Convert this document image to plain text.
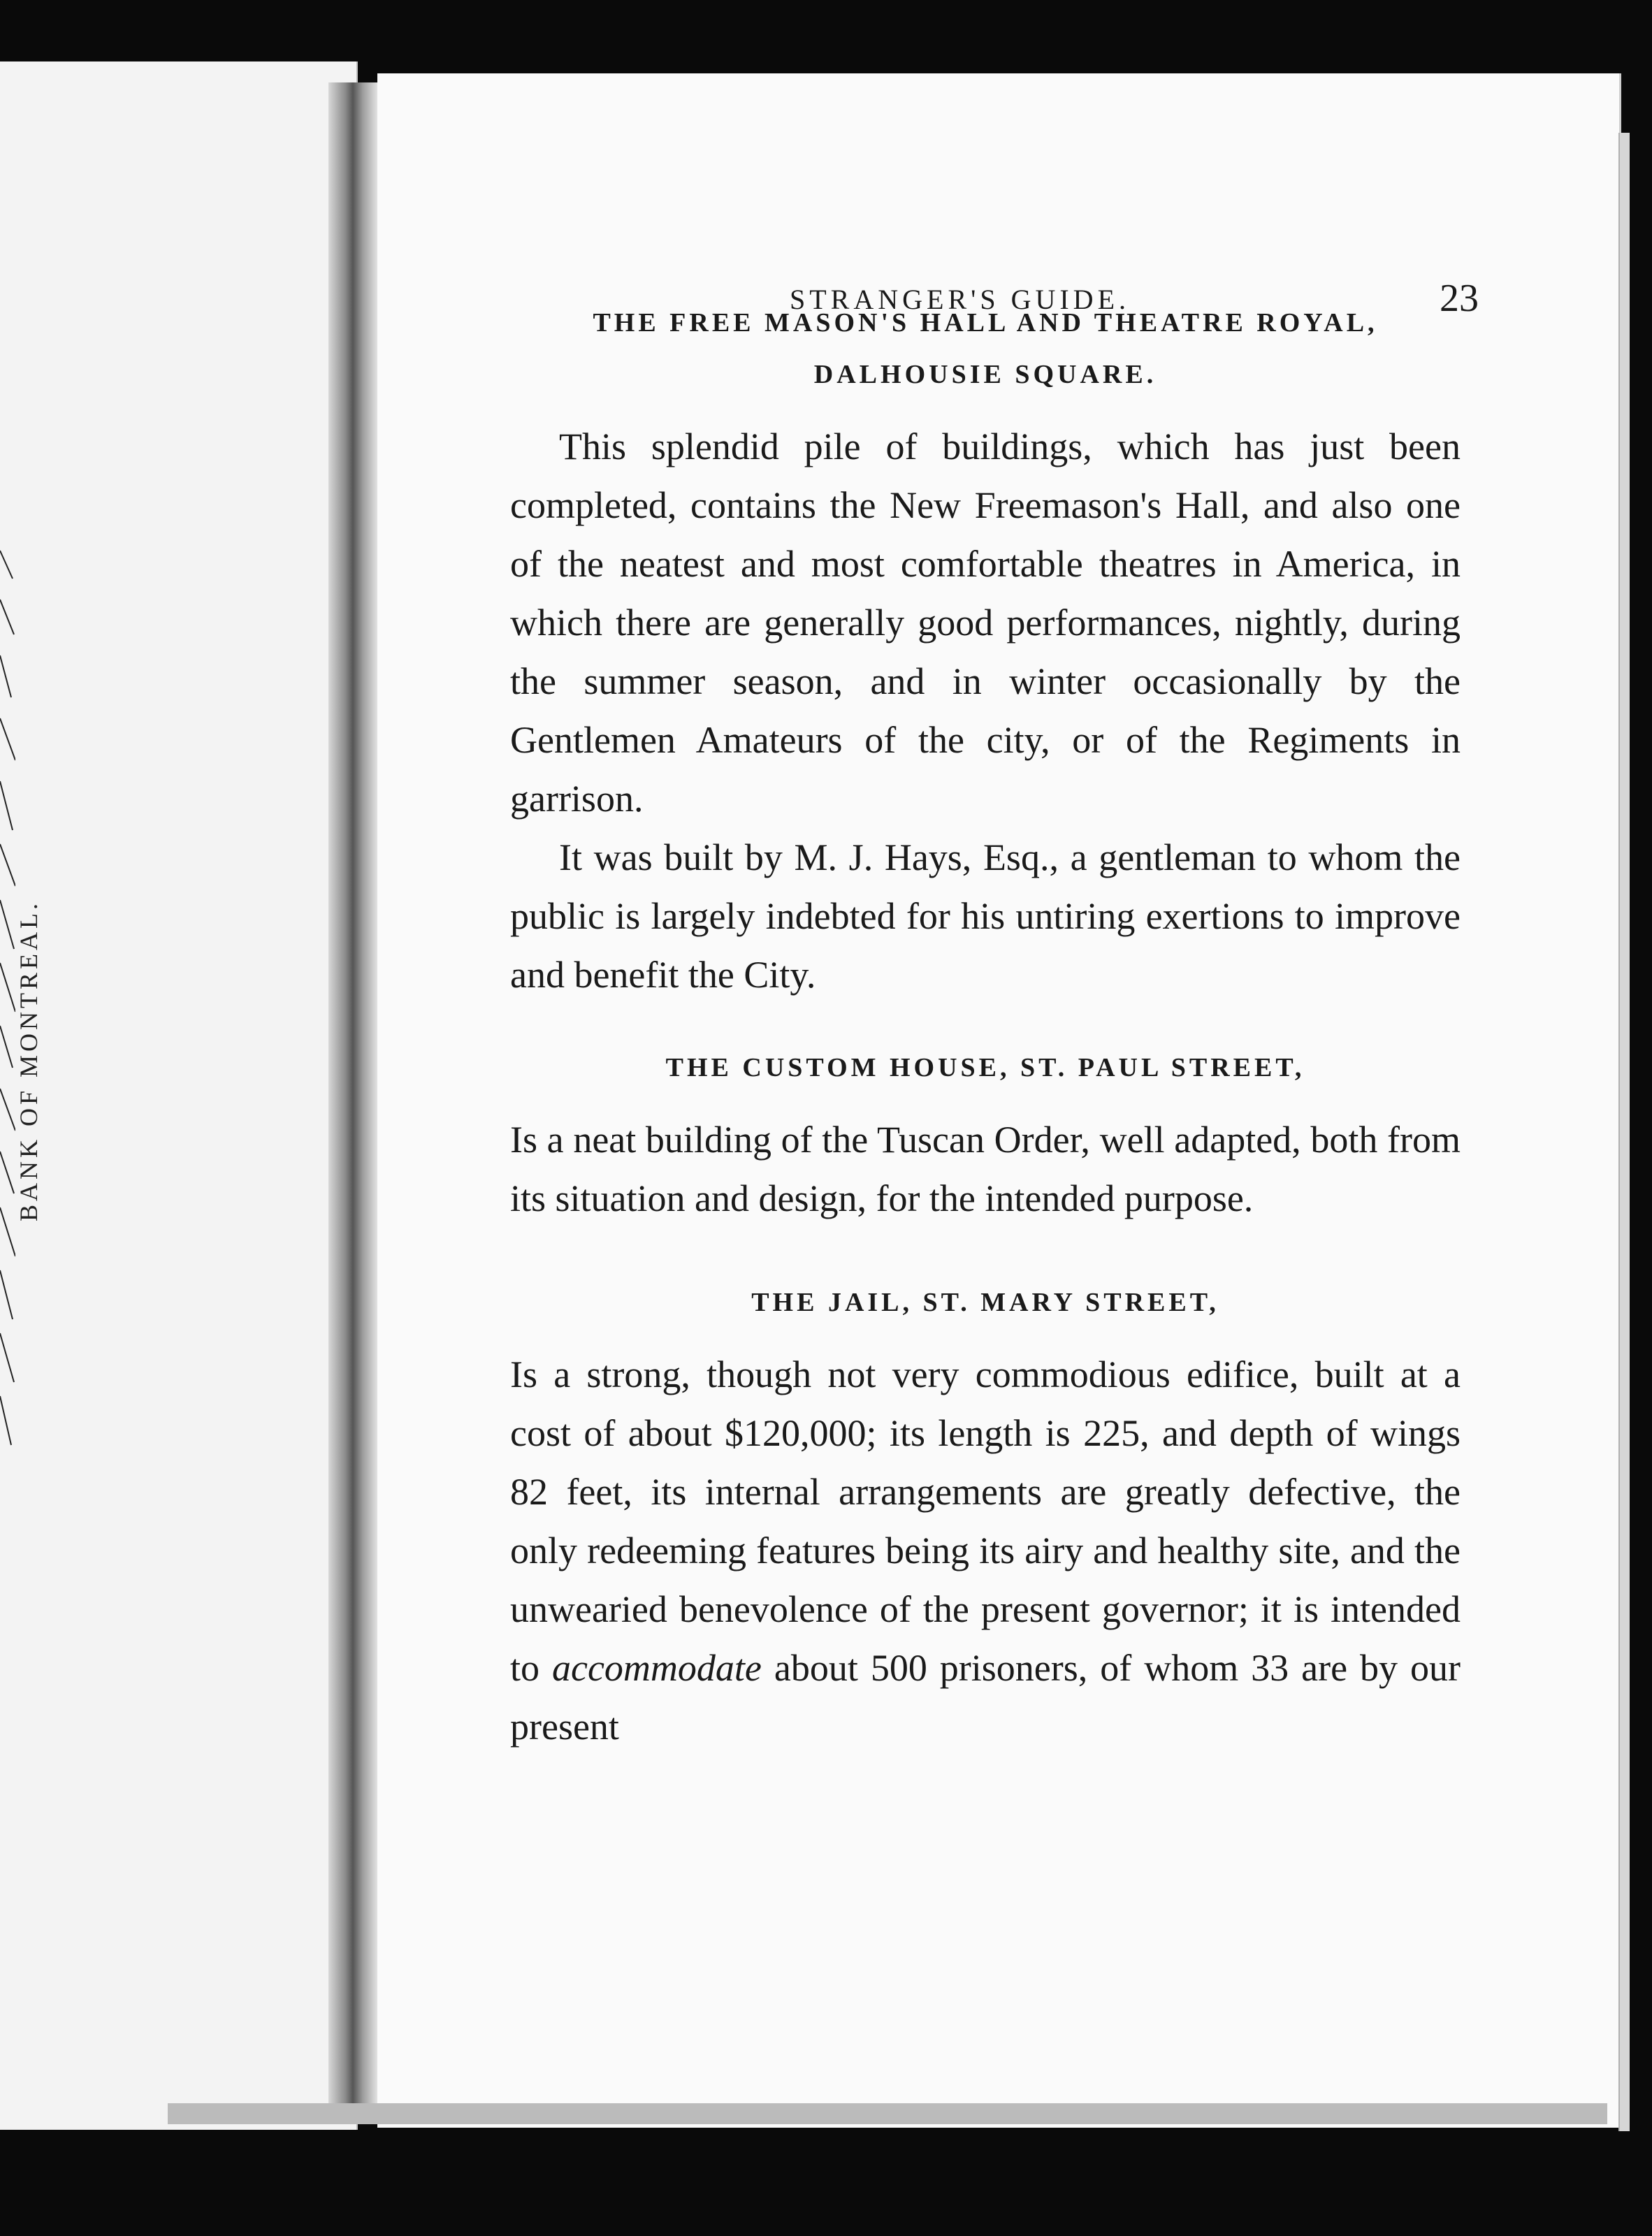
BANK OF MONTREAL.
STRANGER'S GUIDE.	23

THE FREE MASON'S HALL AND THEATRE ROYAL,

DALHOUSIE SQUARE.

This splendid pile of buildings, which has just been completed, contains the New Freemason's Hall, and also one of the neatest and most comfortable theatres in America, in which there are generally good performances, nightly, during the summer season, and in winter occasionally by the Gentlemen Amateurs of the city, or of the Regiments in garrison.

It was built by M. J. Hays, Esq., a gentleman to whom the public is largely indebted for his untiring exertions to improve and benefit the City.

THE CUSTOM HOUSE, ST. PAUL STREET,

Is a neat building of the Tuscan Order, well adapted, both from its situation and design, for the intended purpose.

THE JAIL, ST. MARY STREET,

Is a strong, though not very commodious edifice, built at a cost of about $120,000; its length is 225, and depth of wings 82 feet, its internal arrangements are greatly defective, the only redeeming features being its airy and healthy site, and the unwearied benevolence of the present governor; it is intended to accommodate about 500 prisoners, of whom 33 are by our present
